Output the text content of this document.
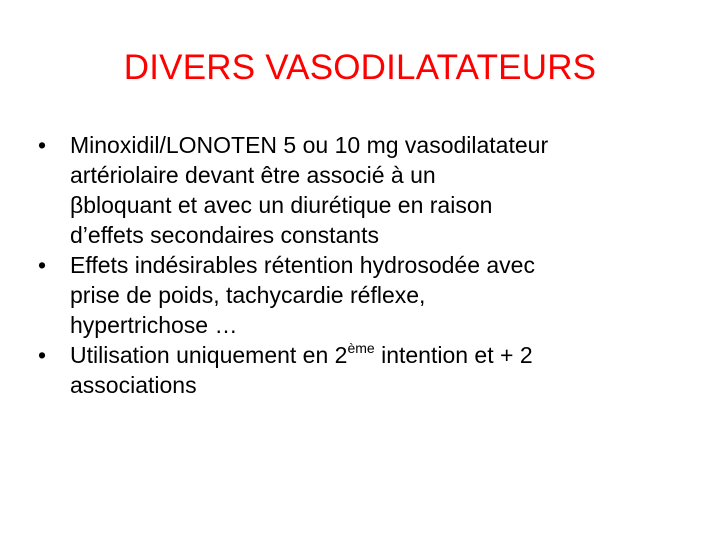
DIVERS VASODILATATEURS
• Minoxidil/LONOTEN 5 ou 10 mg vasodilatateur
artériolaire devant être associé à un
βbloquant et avec un diurétique en raison
d’effets secondaires constants
• Effets indésirables rétention hydrosodée avec
prise de poids, tachycardie réflexe,
hypertrichose …
• Utilisation uniquement en 2ème intention et + 2
associations
